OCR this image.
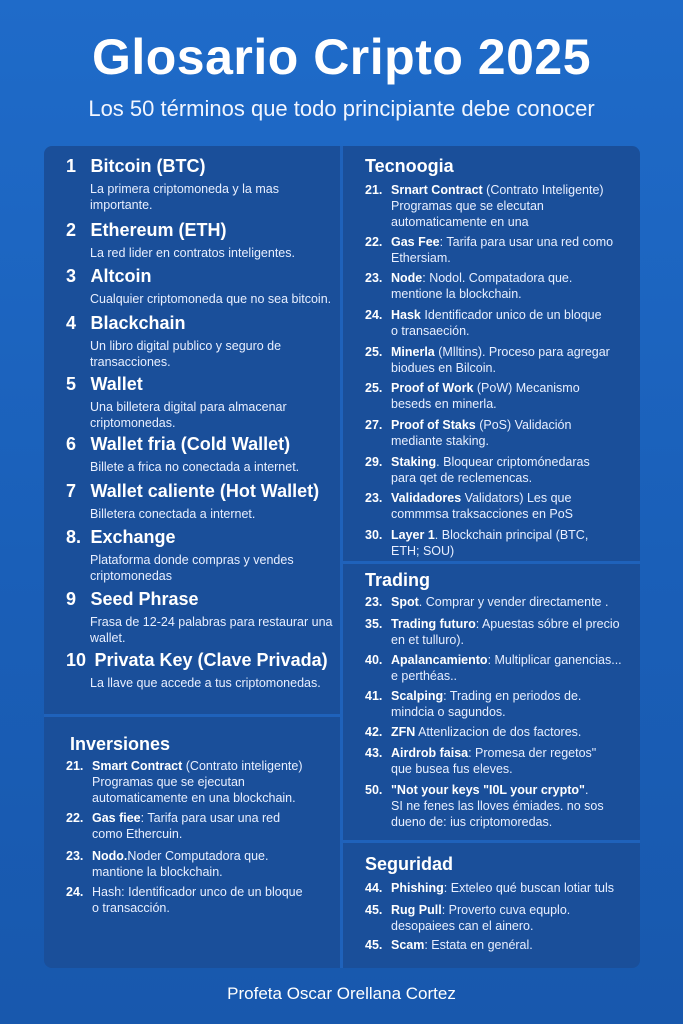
Glosario Cripto 2025
Los 50 términos que todo principiante debe conocer
1 Bitcoin (BTC)
La primera criptomoneda y la mas importante.
2 Ethereum (ETH)
La red lider en contratos inteligentes.
3 Altcoin
Cualquier criptomoneda que no sea bitcoin.
4 Blackchain
Un libro digital publico y seguro de transacciones.
5 Wallet
Una billetera digital para almacenar criptomonedas.
6 Wallet fria (Cold Wallet)
Billete a frica no conectada a internet.
7 Wallet caliente (Hot Wallet)
Billetera conectada a internet.
8. Exchange
Plataforma donde compras y vendes criptomonedas
9 Seed Phrase
Frasa de 12-24 palabras para restaurar una wallet.
10 Privata Key (Clave Privada)
La llave que accede a tus criptomonedas.
Inversiones
21. Smart Contract (Contrato inteligente)
Programas que se ejecutan automaticamente en una blockchain.
22. Gas fiee: Tarifa para usar una red
como Ethercuin.
23. Nodo.Noder Computadora que.
mantione la blockchain.
24. Hash: Identificador unco de un bloque
o transacción.
Tecnoogia
21. Srnart Contract (Contrato Inteligente)
Programas que se elecutan automaticamente en una
22. Gas Fee: Tarifa para usar una red como
Ethersiam.
23. Node: Nodol. Compatadora que.
mentione la blockchain.
24. Hask Identificador unico de un bloque
o transaeción.
25. Minerla (Mlltins). Proceso para agregar
biodues en Bilcoin.
25. Proof of Work (PoW) Mecanismo
beseds en minerla.
27. Proof of Staks (PoS) Validación
mediante staking.
29. Staking. Bloquear criptomónedaras
para qet de reclemencas.
23. Validadores Validators) Les que
commmsa traksacciones en PoS
30. Layer 1. Blockchain principal (BTC,
ETH; SOU)
Trading
23. Spot. Comprar y vender directamente .
35. Trading futuro: Apuestas sóbre el precio
en et tulluro).
40. Apalancamiento: Multiplicar ganencias...
e perthéas..
41. Scalping: Trading en periodos de.
mindcia o sagundos.
42. ZFN Attenlizacion de dos factores.
43. Airdrob faisa: Promesa der regetos"
que busea fus eleves.
50. "Not your keys "I0L your crypto".
SI ne fenes las lloves émiades. no sos dueno de: ius criptomoredas.
Seguridad
44. Phishing: Exteleo qué buscan lotiar tuls
45. Rug Pull: Proverto cuva equplo.
desopaiees can el ainero.
45. Scam: Estata en genéral.
Profeta Oscar Orellana Cortez
